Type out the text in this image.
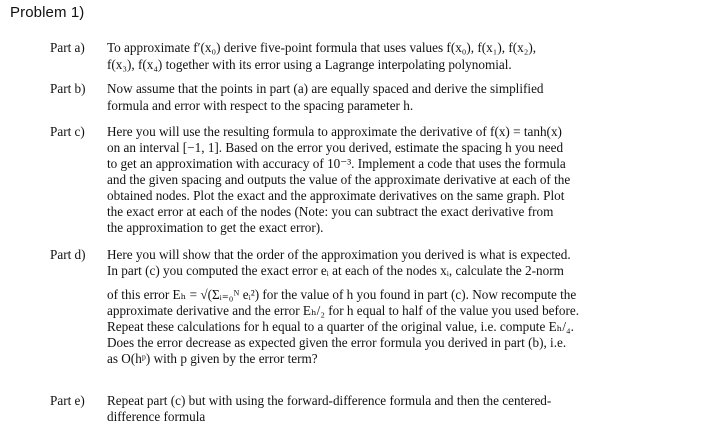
Problem 1)
Part a) To approximate f′(x₀) derive five-point formula that uses values f(x₀), f(x₁), f(x₂),
f(x₃), f(x₄) together with its error using a Lagrange interpolating polynomial.
Part b) Now assume that the points in part (a) are equally spaced and derive the simplified
formula and error with respect to the spacing parameter h.
Part c) Here you will use the resulting formula to approximate the derivative of f(x) = tanh(x)
on an interval [−1, 1]. Based on the error you derived, estimate the spacing h you need
to get an approximation with accuracy of 10⁻³. Implement a code that uses the formula
and the given spacing and outputs the value of the approximate derivative at each of the
obtained nodes. Plot the exact and the approximate derivatives on the same graph. Plot
the exact error at each of the nodes (Note: you can subtract the exact derivative from
the approximation to get the exact error).
Part d) Here you will show that the order of the approximation you derived is what is expected.
In part (c) you computed the exact error eᵢ at each of the nodes xᵢ, calculate the 2-norm
of this error Eₕ = √(Σᵢ₌₀ᴺ eᵢ²) for the value of h you found in part (c). Now recompute the
approximate derivative and the error Eₕ/₂ for h equal to half of the value you used before.
Repeat these calculations for h equal to a quarter of the original value, i.e. compute Eₕ/₄.
Does the error decrease as expected given the error formula you derived in part (b), i.e.
as O(hᵖ) with p given by the error term?
Part e) Repeat part (c) but with using the forward-difference formula and then the centered-
difference formula
